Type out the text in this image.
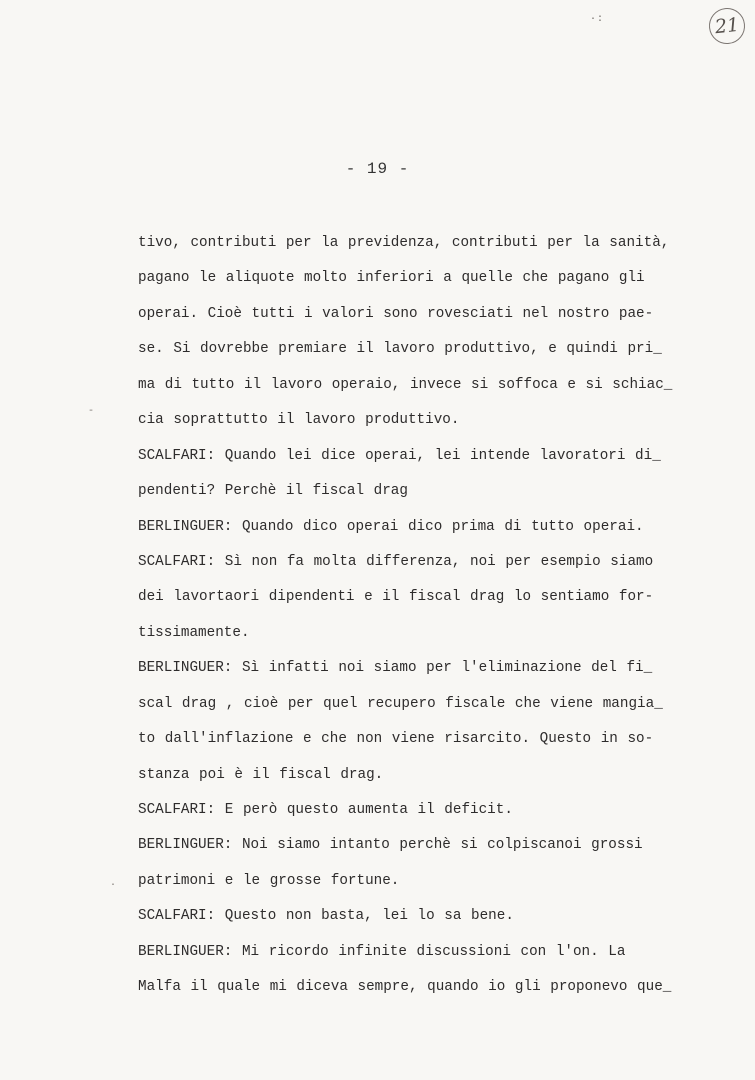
·:	21
- 19 -
-
·
tivo, contributi per la previdenza, contributi per la sanità,
pagano le aliquote molto inferiori a quelle che pagano gli
operai. Cioè tutti i valori sono rovesciati nel nostro pae-
se. Si dovrebbe premiare il lavoro produttivo, e quindi pri_
ma di tutto il lavoro operaio, invece si soffoca e si schiac_
cia soprattutto il lavoro produttivo.
SCALFARI: Quando lei dice operai, lei intende lavoratori di_
pendenti? Perchè il fiscal drag
BERLINGUER: Quando dico operai dico prima di tutto operai.
SCALFARI: Sì non fa molta differenza, noi per esempio siamo
dei lavortaori dipendenti e il fiscal drag lo sentiamo for-
tissimamente.
BERLINGUER: Sì infatti noi siamo per l'eliminazione del fi_
scal drag , cioè per quel recupero fiscale che viene mangia_
to dall'inflazione e che non viene risarcito. Questo in so-
stanza poi è il fiscal drag.
SCALFARI: E però questo aumenta il deficit.
BERLINGUER: Noi siamo intanto perchè si colpiscanoi grossi
patrimoni e le grosse fortune.
SCALFARI: Questo non basta, lei lo sa bene.
BERLINGUER: Mi ricordo infinite discussioni con l'on. La
Malfa il quale mi diceva sempre, quando io gli proponevo que_
